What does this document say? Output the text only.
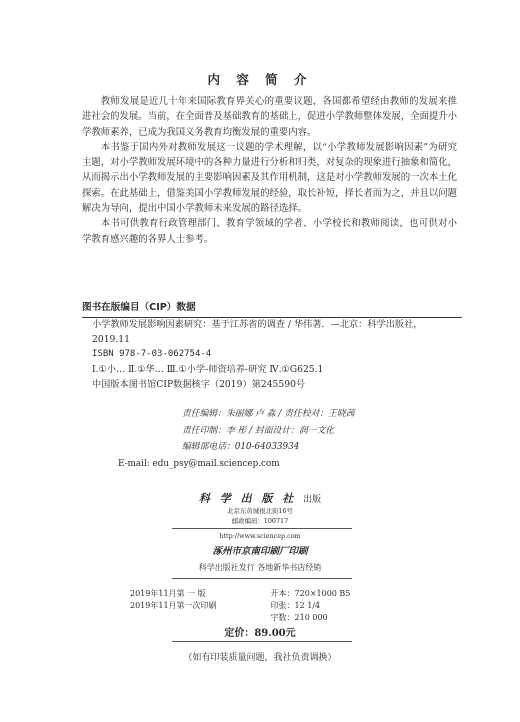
内 容 简 介

教师发展是近几十年来国际教育界关心的重要议题，各国都希望经由教师的发展来推进社会的发展。当前，在全面普及基础教育的基础上，促进小学教师整体发展，全面提升小学教师素养，已成为我国义务教育均衡发展的重要内容。

本书鉴于国内外对教师发展这一议题的学术理解，以“小学教师发展影响因素”为研究主题，对小学教师发展环境中的各种力量进行分析和归类，对复杂的现象进行抽象和简化，从而揭示出小学教师发展的主要影响因素及其作用机制，这是对小学教师发展的一次本土化探索。在此基础上，借鉴美国小学教师发展的经验，取长补短，择长者而为之，并且以问题解决为导向，提出中国小学教师未来发展的路径选择。

本书可供教育行政管理部门、教育学领域的学者、小学校长和教师阅读，也可供对小学教育感兴趣的各界人士参考。

图书在版编目（CIP）数据
小学教师发展影响因素研究：基于江苏省的调查 / 华伟著．—北京：科学出版社，2019.11
ISBN 978-7-03-062754-4
Ⅰ.①小… Ⅱ.①华… Ⅲ.①小学-师资培养-研究 Ⅳ.①G625.1
中国版本图书馆CIP数据核字（2019）第245590号
责任编辑：朱丽娜 卢 淼 / 责任校对：王晓茜
责任印制：李 彤 / 封面设计：润一文化
编辑部电话：010-64033934
E-mail: edu_psy@mail.sciencep.com
科 学 出 版 社 出版
北京东黄城根北街16号
邮政编码：100717
http://www.sciencep.com
涿州市京南印刷厂印刷
科学出版社发行 各地新华书店经销
2019年11月第 一 版	开本：720×1000 B5
2019年11月第一次印刷	印张：12 1/4
字数：210 000
定价：89.00元
（如有印装质量问题，我社负责调换）
